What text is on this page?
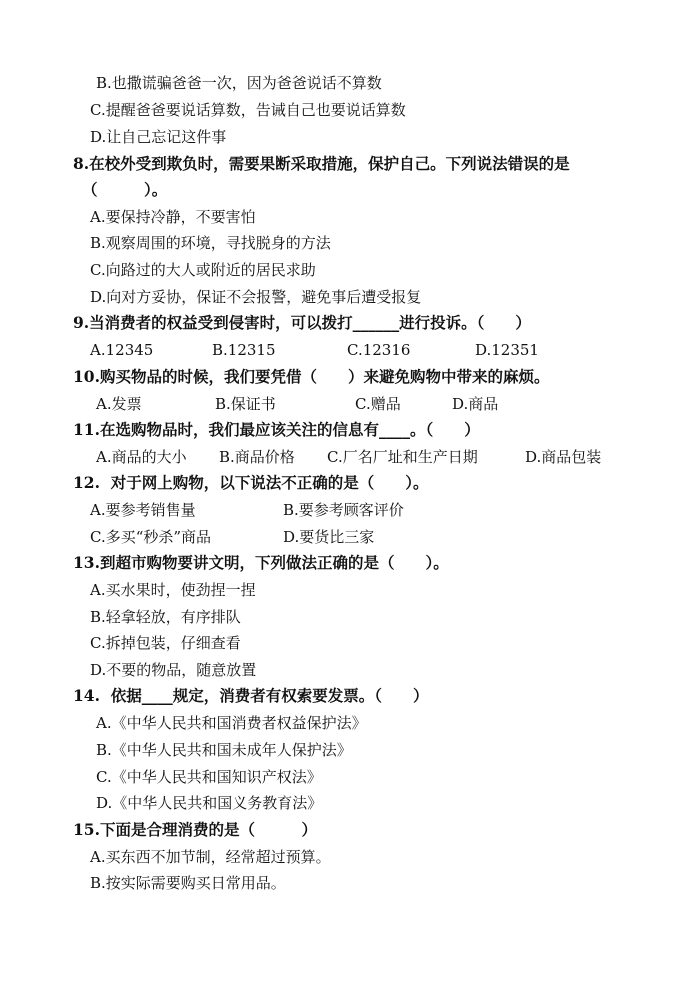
B.也撒谎骗爸爸一次，因为爸爸说话不算数
C.提醒爸爸要说话算数，告诫自己也要说话算数
D.让自己忘记这件事
8.在校外受到欺负时，需要果断采取措施，保护自己。下列说法错误的是
（　　　）。
A.要保持冷静，不要害怕
B.观察周围的环境，寻找脱身的方法
C.向路过的大人或附近的居民求助
D.向对方妥协，保证不会报警，避免事后遭受报复
9.当消费者的权益受到侵害时，可以拨打______进行投诉。（　　）
A.12345	B.12315	C.12316	D.12351
10.购买物品的时候，我们要凭借（　　）来避免购物中带来的麻烦。
A.发票	B.保证书	C.赠品	D.商品
11.在选购物品时，我们最应该关注的信息有____。（　　）
A.商品的大小 B.商品价格 C.厂名厂址和生产日期	D.商品包装
12.  对于网上购物，以下说法不正确的是（　　）。
A.要参考销售量	B.要参考顾客评价
C.多买“秒杀”商品	D.要货比三家
13.到超市购物要讲文明，下列做法正确的是（　　）。
A.买水果时，使劲捏一捏
B.轻拿轻放，有序排队
C.拆掉包装，仔细查看
D.不要的物品，随意放置
14.  依据____规定，消费者有权索要发票。（　　）
A.《中华人民共和国消费者权益保护法》
B.《中华人民共和国未成年人保护法》
C.《中华人民共和国知识产权法》
D.《中华人民共和国义务教育法》
15.下面是合理消费的是（　　　）
A.买东西不加节制，经常超过预算。
B.按实际需要购买日常用品。
